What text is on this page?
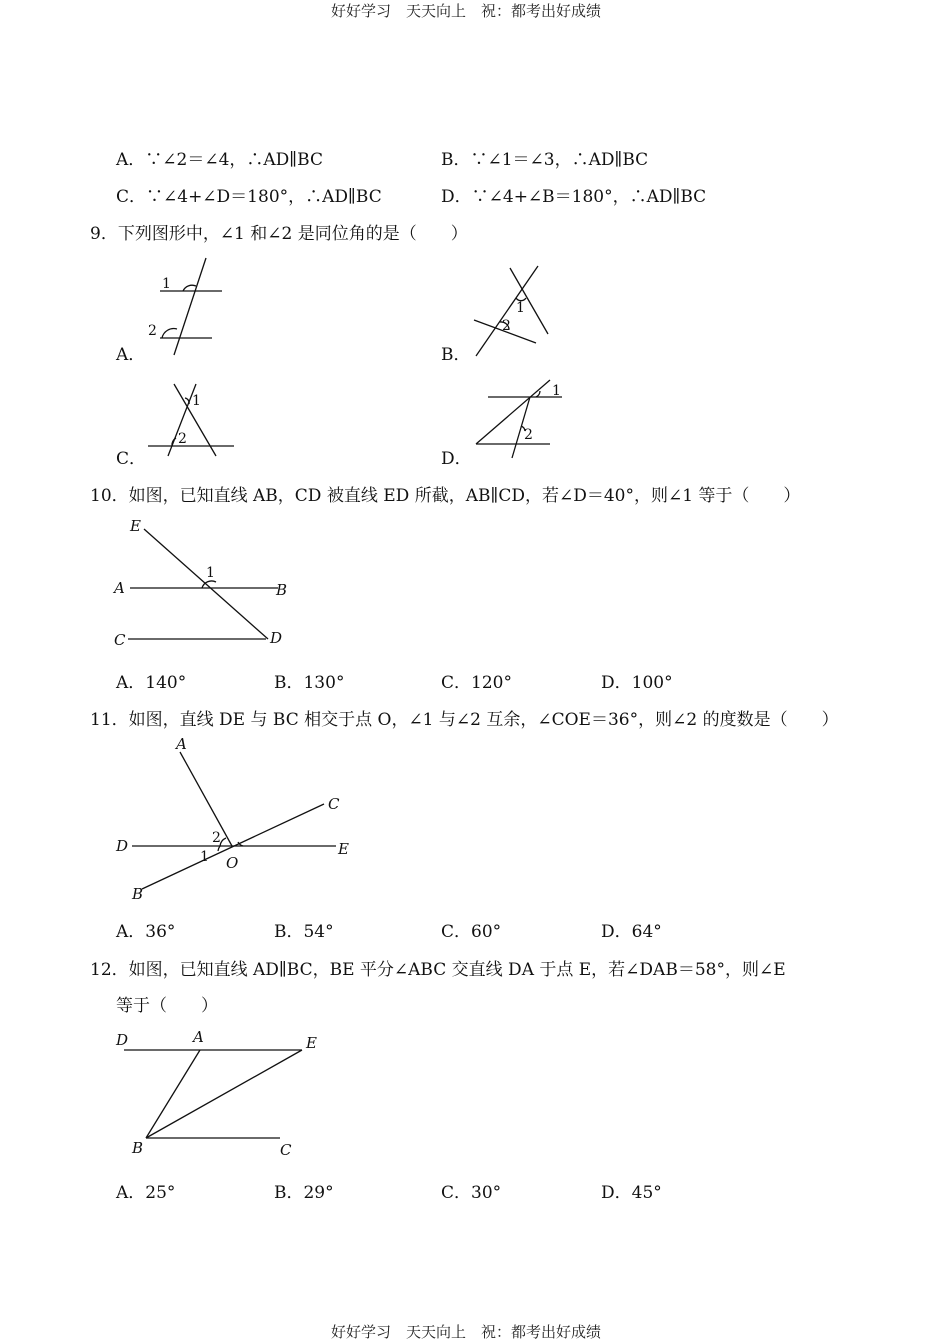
好好学习　天天向上　祝：都考出好成绩
A．∵∠2＝∠4，∴AD∥BC	B．∵∠1＝∠3，∴AD∥BC
C．∵∠4+∠D＝180°，∴AD∥BC	D．∵∠4+∠B＝180°，∴AD∥BC
9．下列图形中，∠1 和∠2 是同位角的是（　　）
1
2
A．
1
2
B．
1
2
C．
1
2
D．
10．如图，已知直线 AB，CD 被直线 ED 所截，AB∥CD，若∠D＝40°，则∠1 等于（　　）
E
A	B
C	D
1
A．140°	B．130°	C．120°	D．100°
11．如图，直线 DE 与 BC 相交于点 O，∠1 与∠2 互余，∠COE＝36°，则∠2 的度数是（　　）
A
C
D	E
B
O
1
2
A．36°	B．54°	C．60°	D．64°
12．如图，已知直线 AD∥BC，BE 平分∠ABC 交直线 DA 于点 E，若∠DAB＝58°，则∠E
等于（　　）
D	A	E
B	C
A．25°	B．29°	C．30°	D．45°
好好学习　天天向上　祝：都考出好成绩
